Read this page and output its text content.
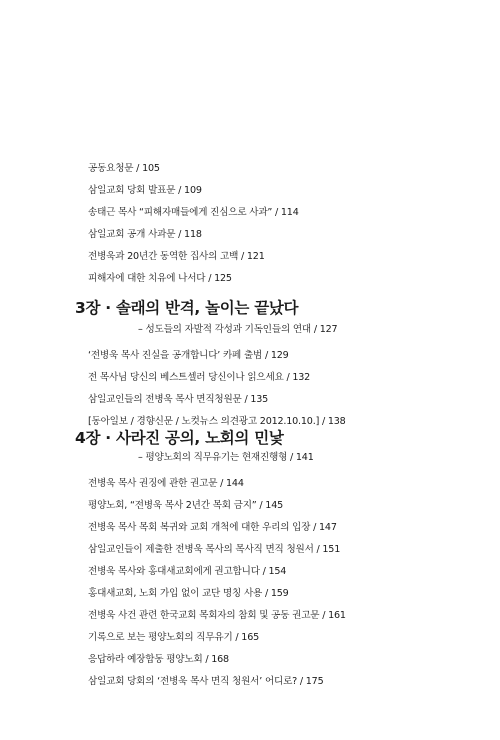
공동요청문 / 105
삼일교회 당회 발표문 / 109
송태근 목사 “피해자매들에게 진심으로 사과” / 114
삼일교회 공개 사과문 / 118
전병욱과 20년간 동역한 집사의 고백 / 121
피해자에 대한 치유에 나서다 / 125
3장 · 솔래의 반격, 놀이는 끝났다
– 성도들의 자발적 각성과 기독인들의 연대 / 127
‘전병욱 목사 진실을 공개합니다’ 카페 출범 / 129
전 목사님 당신의 베스트셀러 당신이나 읽으세요 / 132
삼일교인들의 전병욱 목사 면직청원문 / 135
[동아일보 / 경향신문 / 노컷뉴스 의견광고 2012.10.10.] / 138
4장 · 사라진 공의, 노회의 민낯
– 평양노회의 직무유기는 현재진행형 / 141
전병욱 목사 권징에 관한 권고문 / 144
평양노회, “전병욱 목사 2년간 목회 금지” / 145
전병욱 목사 목회 복귀와 교회 개척에 대한 우리의 입장 / 147
삼일교인들이 제출한 전병욱 목사의 목사직 면직 청원서 / 151
전병욱 목사와 홍대새교회에게 권고합니다 / 154
홍대새교회, 노회 가입 없이 교단 명칭 사용 / 159
전병욱 사건 관련 한국교회 목회자의 참회 및 공동 권고문 / 161
기록으로 보는 평양노회의 직무유기 / 165
응답하라 예장합동 평양노회 / 168
삼일교회 당회의 ‘전병욱 목사 면직 청원서’ 어디로? / 175
